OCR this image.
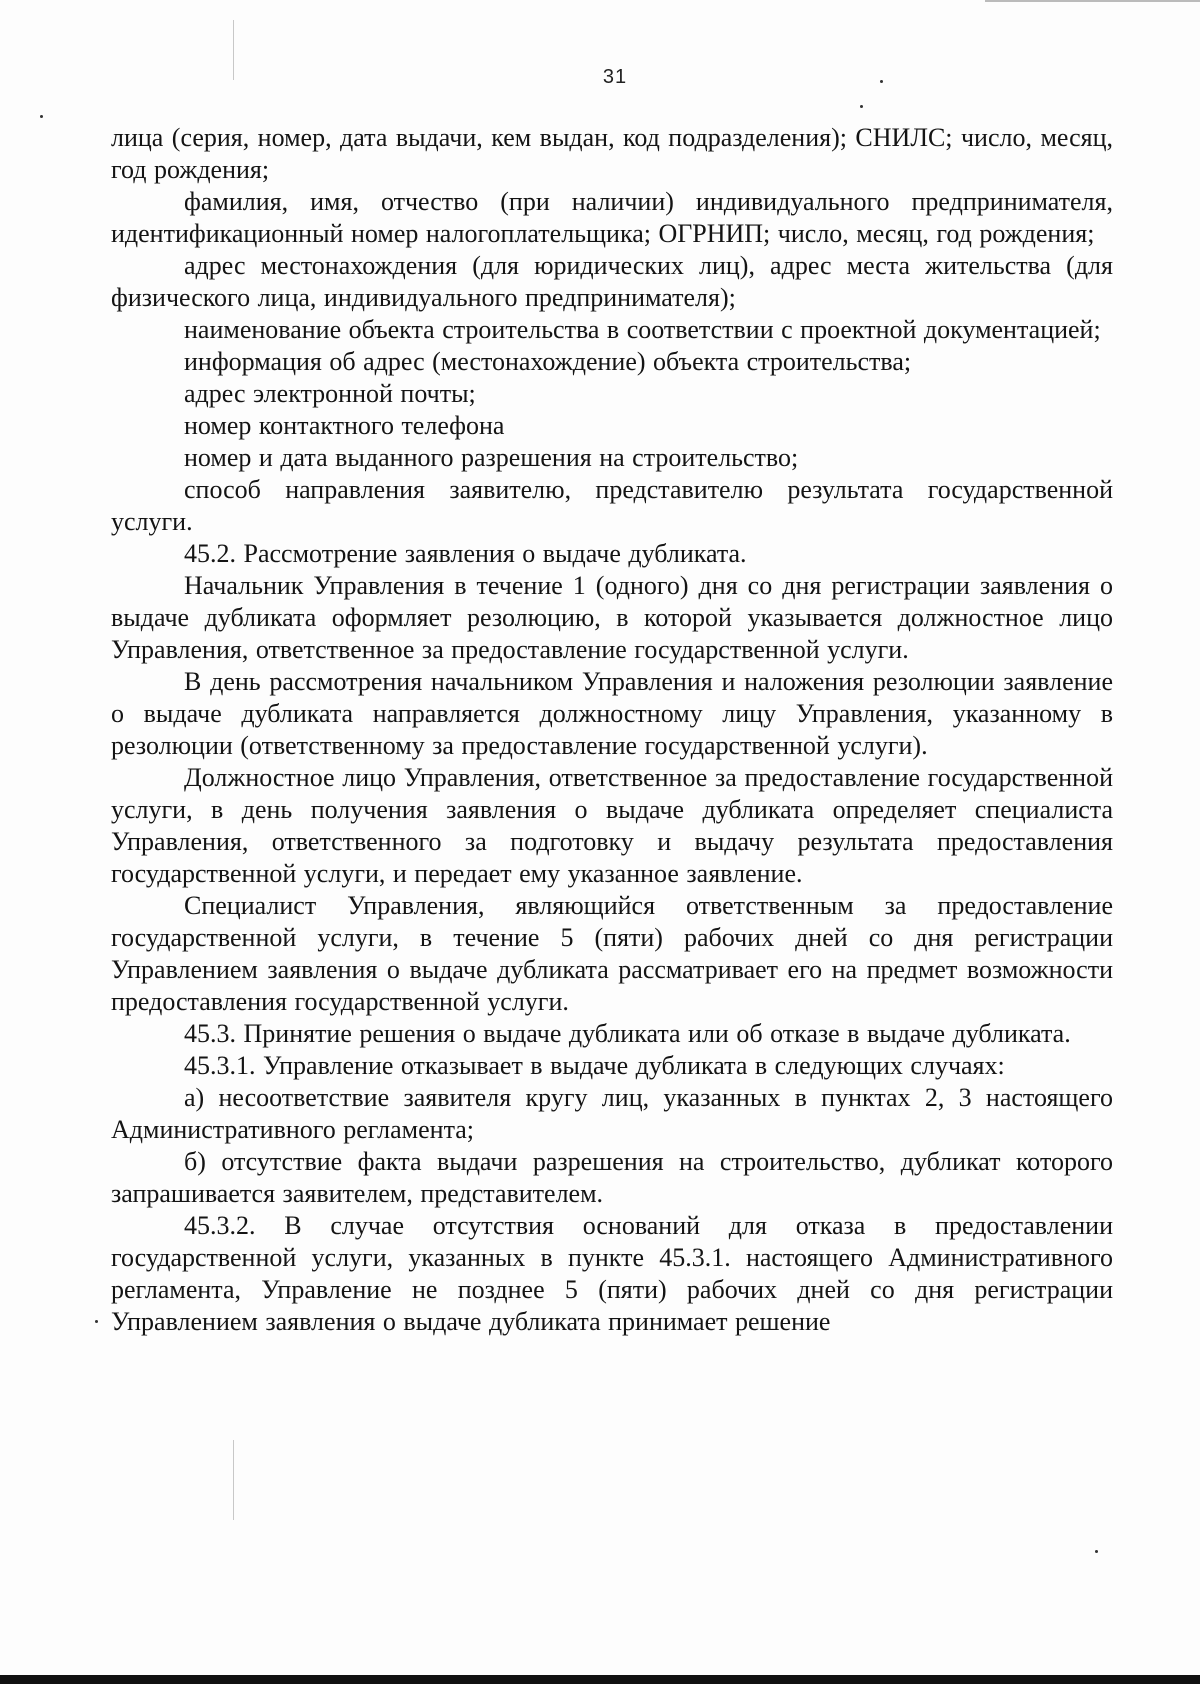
31

лица (серия, номер, дата выдачи, кем выдан, код подразделения); СНИЛС; число, месяц, год рождения;

фамилия, имя, отчество (при наличии) индивидуального предпринимателя, идентификационный номер налогоплательщика; ОГРНИП; число, месяц, год рождения;

адрес местонахождения (для юридических лиц), адрес места жительства (для физического лица, индивидуального предпринимателя);

наименование объекта строительства в соответствии с проектной документацией;

информация об адрес (местонахождение) объекта строительства;

адрес электронной почты;

номер контактного телефона

номер и дата выданного разрешения на строительство;

способ направления заявителю, представителю результата государственной услуги.

45.2. Рассмотрение заявления о выдаче дубликата.

Начальник Управления в течение 1 (одного) дня со дня регистрации заявления о выдаче дубликата оформляет резолюцию, в которой указывается должностное лицо Управления, ответственное за предоставление государственной услуги.

В день рассмотрения начальником Управления и наложения резолюции заявление о выдаче дубликата направляется должностному лицу Управления, указанному в резолюции (ответственному за предоставление государственной услуги).

Должностное лицо Управления, ответственное за предоставление государственной услуги, в день получения заявления о выдаче дубликата определяет специалиста Управления, ответственного за подготовку и выдачу результата предоставления государственной услуги, и передает ему указанное заявление.

Специалист Управления, являющийся ответственным за предоставление государственной услуги, в течение 5 (пяти) рабочих дней со дня регистрации Управлением заявления о выдаче дубликата рассматривает его на предмет возможности предоставления государственной услуги.

45.3. Принятие решения о выдаче дубликата или об отказе в выдаче дубликата.

45.3.1. Управление отказывает в выдаче дубликата в следующих случаях:

а) несоответствие заявителя кругу лиц, указанных в пунктах 2, 3 настоящего Административного регламента;

б) отсутствие факта выдачи разрешения на строительство, дубликат которого запрашивается заявителем, представителем.

45.3.2. В случае отсутствия оснований для отказа в предоставлении государственной услуги, указанных в пункте 45.3.1. настоящего Административного регламента, Управление не позднее 5 (пяти) рабочих дней со дня регистрации Управлением заявления о выдаче дубликата принимает решение
